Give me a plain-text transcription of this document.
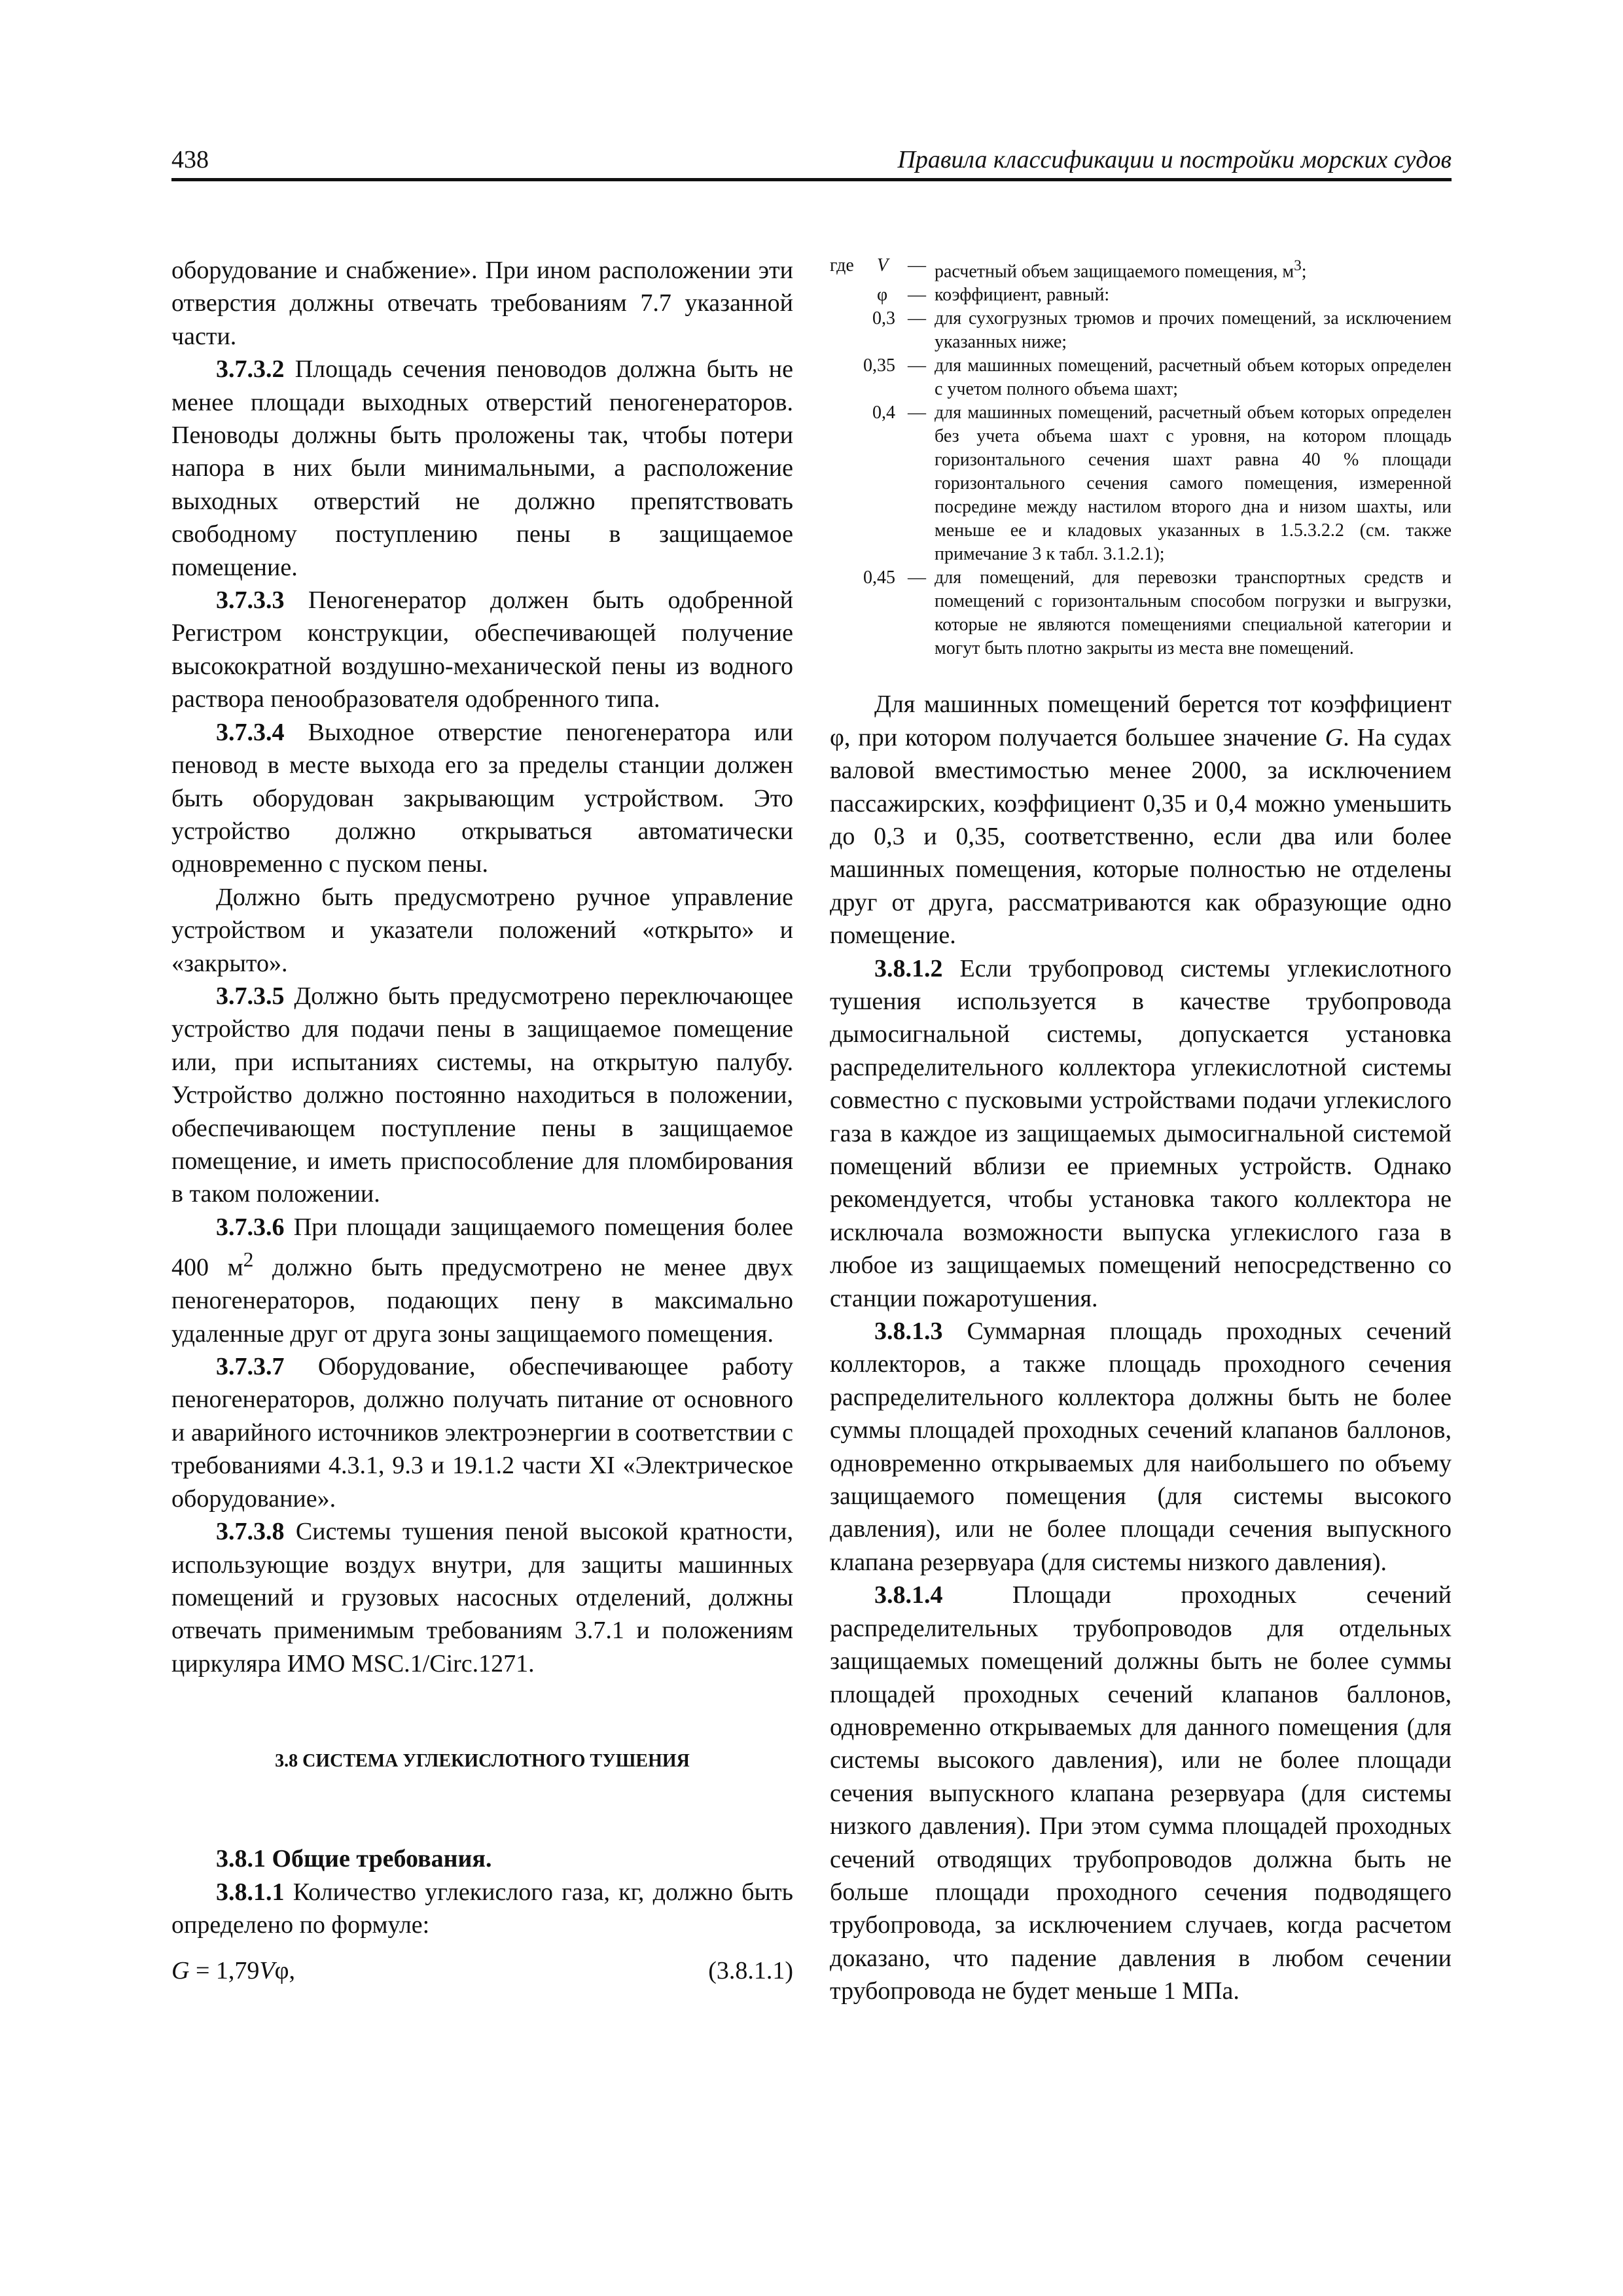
438	Правила классификации и постройки морских судов

оборудование и снабжение». При ином расположении эти отверстия должны отвечать требованиям 7.7 указанной части.

3.7.3.2 Площадь сечения пеноводов должна быть не менее площади выходных отверстий пеногенераторов. Пеноводы должны быть проложены так, чтобы потери напора в них были минимальными, а расположение выходных отверстий не должно препятствовать свободному поступлению пены в защищаемое помещение.

3.7.3.3 Пеногенератор должен быть одобренной Регистром конструкции, обеспечивающей получение высокократной воздушно-механической пены из водного раствора пенообразователя одобренного типа.

3.7.3.4 Выходное отверстие пеногенератора или пеновод в месте выхода его за пределы станции должен быть оборудован закрывающим устройством. Это устройство должно открываться автоматически одновременно с пуском пены.

Должно быть предусмотрено ручное управление устройством и указатели положений «открыто» и «закрыто».

3.7.3.5 Должно быть предусмотрено переключающее устройство для подачи пены в защищаемое помещение или, при испытаниях системы, на открытую палубу. Устройство должно постоянно находиться в положении, обеспечивающем поступление пены в защищаемое помещение, и иметь приспособление для пломбирования в таком положении.

3.7.3.6 При площади защищаемого помещения более 400 $м^2$ должно быть предусмотрено не менее двух пеногенераторов, подающих пену в максимально удаленные друг от друга зоны защищаемого помещения.

3.7.3.7 Оборудование, обеспечивающее работу пеногенераторов, должно получать питание от основного и аварийного источников электроэнергии в соответствии с требованиями 4.3.1, 9.3 и 19.1.2 части XI «Электрическое оборудование».

3.7.3.8 Системы тушения пеной высокой кратности, использующие воздух внутри, для защиты машинных помещений и грузовых насосных отделений, должны отвечать применимым требованиям 3.7.1 и положениям циркуляра ИМО MSC.1/Circ.1271.

3.8 СИСТЕМА УГЛЕКИСЛОТНОГО ТУШЕНИЯ

3.8.1 Общие требования.

3.8.1.1 Количество углекислого газа, кг, должно быть определено по формуле:

G = 1,79Vφ,	(3.8.1.1)
где	V	— расчетный объем защищаемого помещения, $м^3$;
φ	— коэффициент, равный:
0,3 — для сухогрузных трюмов и прочих помещений, за исключением указанных ниже;
0,35 — для машинных помещений, расчетный объем которых определен с учетом полного объема шахт;
0,4 — для машинных помещений, расчетный объем которых определен без учета объема шахт с уровня, на котором площадь горизонтального сечения шахт равна 40 % площади горизонтального сечения самого помещения, измеренной посредине между настилом второго дна и низом шахты, или меньше ее и кладовых указанных в 1.5.3.2.2 (см. также примечание 3 к табл. 3.1.2.1);
0,45 — для помещений, для перевозки транспортных средств и помещений с горизонтальным способом погрузки и выгрузки, которые не являются помещениями специальной категории и могут быть плотно закрыты из места вне помещений.

Для машинных помещений берется тот коэффициент φ, при котором получается большее значение G. На судах валовой вместимостью менее 2000, за исключением пассажирских, коэффициент 0,35 и 0,4 можно уменьшить до 0,3 и 0,35, соответственно, если два или более машинных помещения, которые полностью не отделены друг от друга, рассматриваются как образующие одно помещение.

3.8.1.2 Если трубопровод системы углекислотного тушения используется в качестве трубопровода дымосигнальной системы, допускается установка распределительного коллектора углекислотной системы совместно с пусковыми устройствами подачи углекислого газа в каждое из защищаемых дымосигнальной системой помещений вблизи ее приемных устройств. Однако рекомендуется, чтобы установка такого коллектора не исключала возможности выпуска углекислого газа в любое из защищаемых помещений непосредственно со станции пожаротушения.

3.8.1.3 Суммарная площадь проходных сечений коллекторов, а также площадь проходного сечения распределительного коллектора должны быть не более суммы площадей проходных сечений клапанов баллонов, одновременно открываемых для наибольшего по объему защищаемого помещения (для системы высокого давления), или не более площади сечения выпускного клапана резервуара (для системы низкого давления).

3.8.1.4	Площади проходных сечений распределительных трубопроводов для отдельных защищаемых помещений должны быть не более суммы площадей проходных сечений клапанов баллонов, одновременно открываемых для данного помещения (для системы высокого давления), или не более площади сечения выпускного клапана резервуара (для системы низкого давления). При этом сумма площадей проходных сечений отводящих трубопроводов должна быть не больше площади проходного сечения подводящего трубопровода, за исключением случаев, когда расчетом доказано, что падение давления в любом сечении трубопровода не будет меньше 1 МПа.
